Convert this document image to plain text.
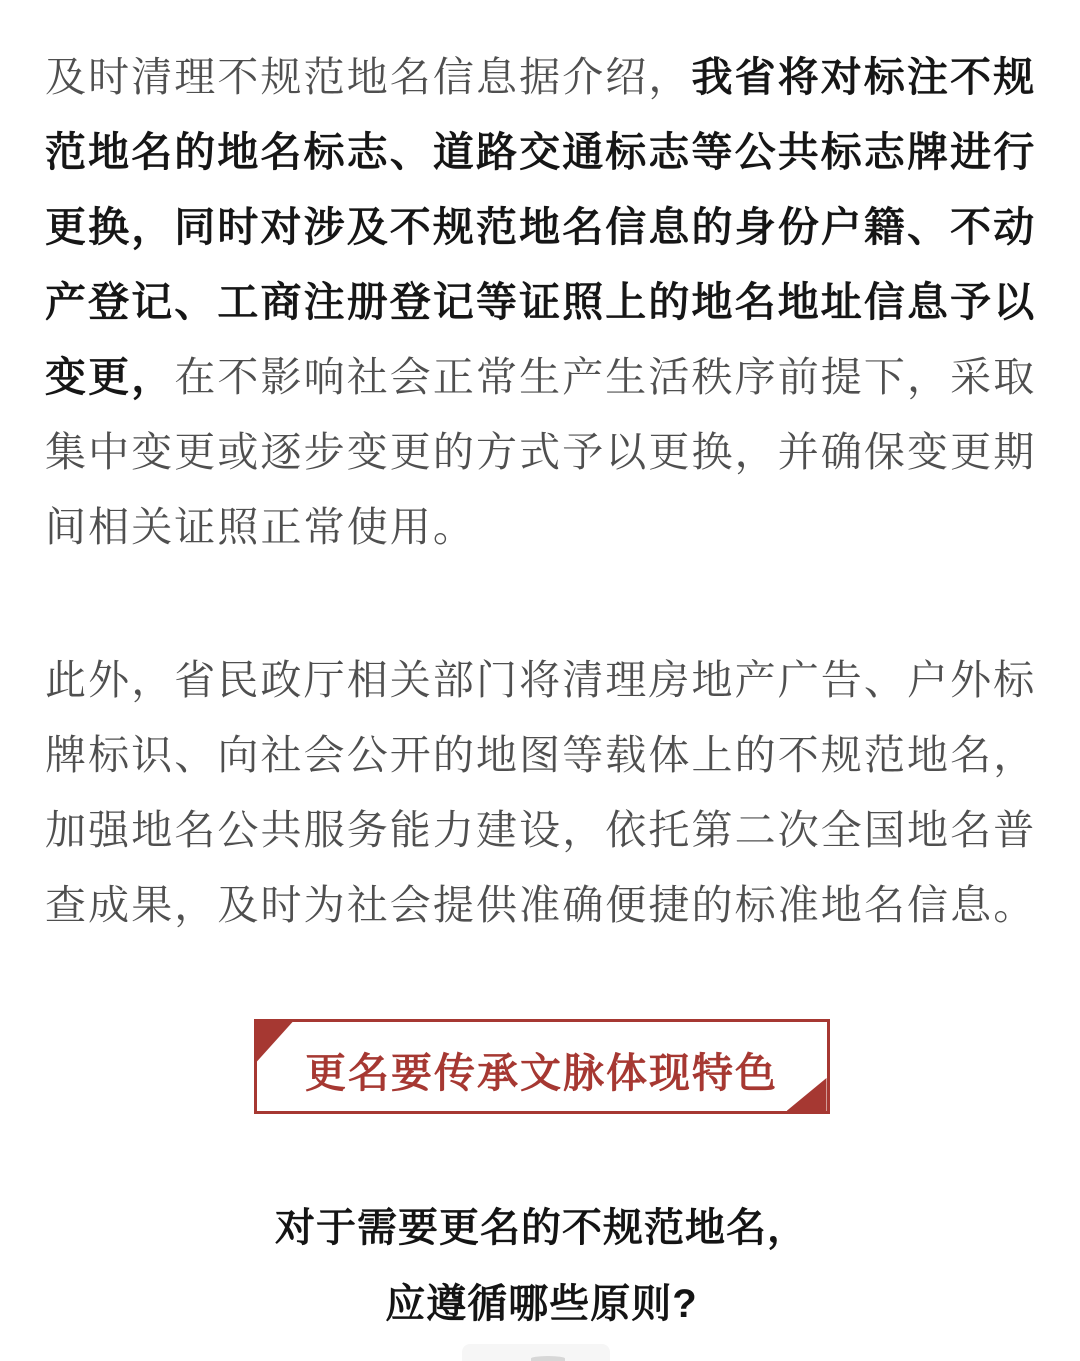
及时清理不规范地名信息据介绍，我省将对标注不规
范地名的地名标志、道路交通标志等公共标志牌进行
更换，同时对涉及不规范地名信息的身份户籍、不动
产登记、工商注册登记等证照上的地名地址信息予以
变更，在不影响社会正常生产生活秩序前提下，采取
集中变更或逐步变更的方式予以更换，并确保变更期
间相关证照正常使用。
此外，省民政厅相关部门将清理房地产广告、户外标
牌标识、向社会公开的地图等载体上的不规范地名，
加强地名公共服务能力建设，依托第二次全国地名普
查成果，及时为社会提供准确便捷的标准地名信息。
更名要传承文脉体现特色
对于需要更名的不规范地名，
应遵循哪些原则?
